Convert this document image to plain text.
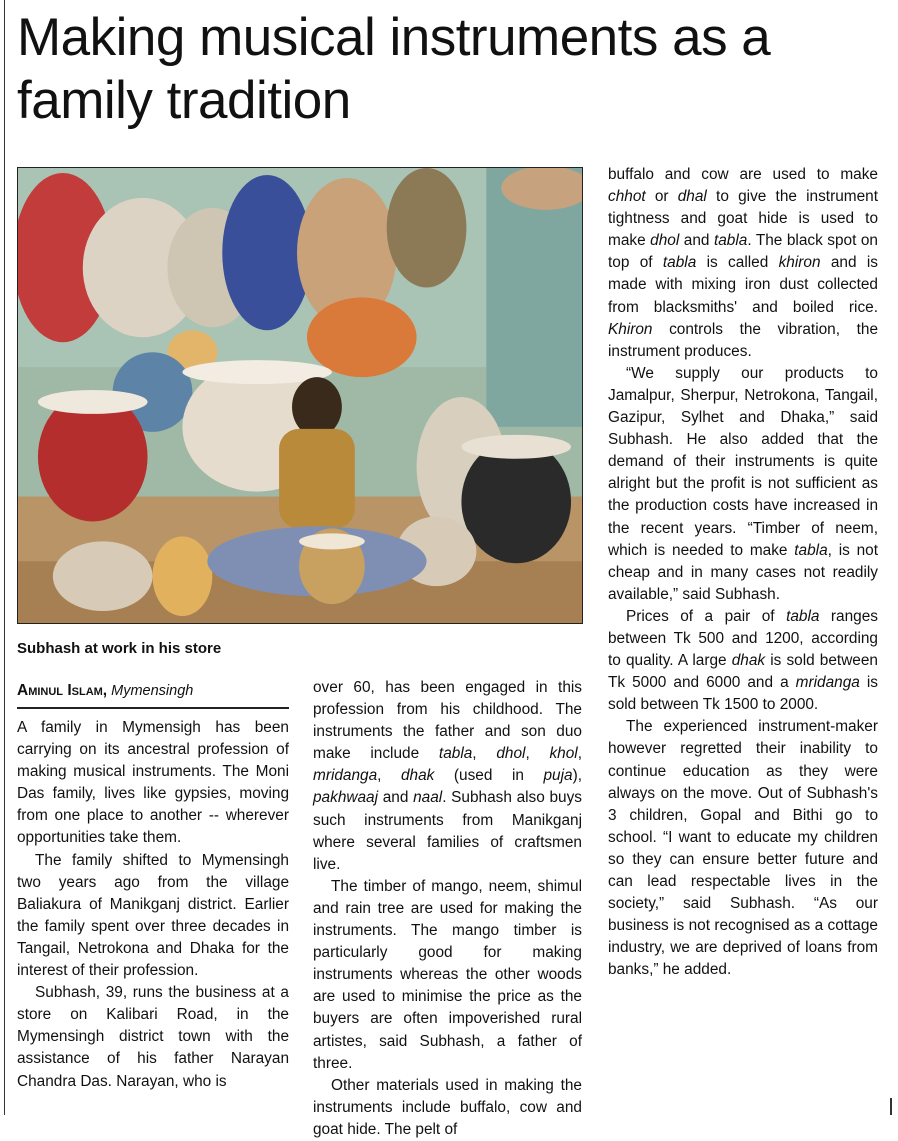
Making musical instruments as a family tradition

Subhash at work in his store

Aminul Islam, Mymensingh

A family in Mymensigh has been carrying on its ancestral profession of making musical instruments. The Moni Das family, lives like gypsies, moving from one place to another -- wherever opportunities take them.

The family shifted to Mymensingh two years ago from the village Baliakura of Manikganj district. Earlier the family spent over three decades in Tangail, Netrokona and Dhaka for the interest of their profession.

Subhash, 39, runs the business at a store on Kalibari Road, in the Mymensingh district town with the assistance of his father Narayan Chandra Das. Narayan, who is

over 60, has been engaged in this profession from his childhood. The instruments the father and son duo make include tabla, dhol, khol, mridanga, dhak (used in puja), pakhwaaj and naal. Subhash also buys such instruments from Manikganj where several families of craftsmen live.

The timber of mango, neem, shimul and rain tree are used for making the instruments. The mango timber is particularly good for making instruments whereas the other woods are used to minimise the price as the buyers are often impoverished rural artistes, said Subhash, a father of three.

Other materials used in making the instruments include buffalo, cow and goat hide. The pelt of

buffalo and cow are used to make chhot or dhal to give the instrument tightness and goat hide is used to make dhol and tabla. The black spot on top of tabla is called khiron and is made with mixing iron dust collected from blacksmiths' and boiled rice. Khiron controls the vibration, the instrument produces.

“We supply our products to Jamalpur, Sherpur, Netrokona, Tangail, Gazipur, Sylhet and Dhaka,” said Subhash. He also added that the demand of their instruments is quite alright but the profit is not sufficient as the production costs have increased in the recent years. “Timber of neem, which is needed to make tabla, is not cheap and in many cases not readily available,” said Subhash.

Prices of a pair of tabla ranges between Tk 500 and 1200, according to quality. A large dhak is sold between Tk 5000 and 6000 and a mridanga is sold between Tk 1500 to 2000.

The experienced instrument-maker however regretted their inability to continue education as they were always on the move. Out of Subhash's 3 children, Gopal and Bithi go to school. “I want to educate my children so they can ensure better future and can lead respectable lives in the society,” said Subhash. “As our business is not recognised as a cottage industry, we are deprived of loans from banks,” he added.
